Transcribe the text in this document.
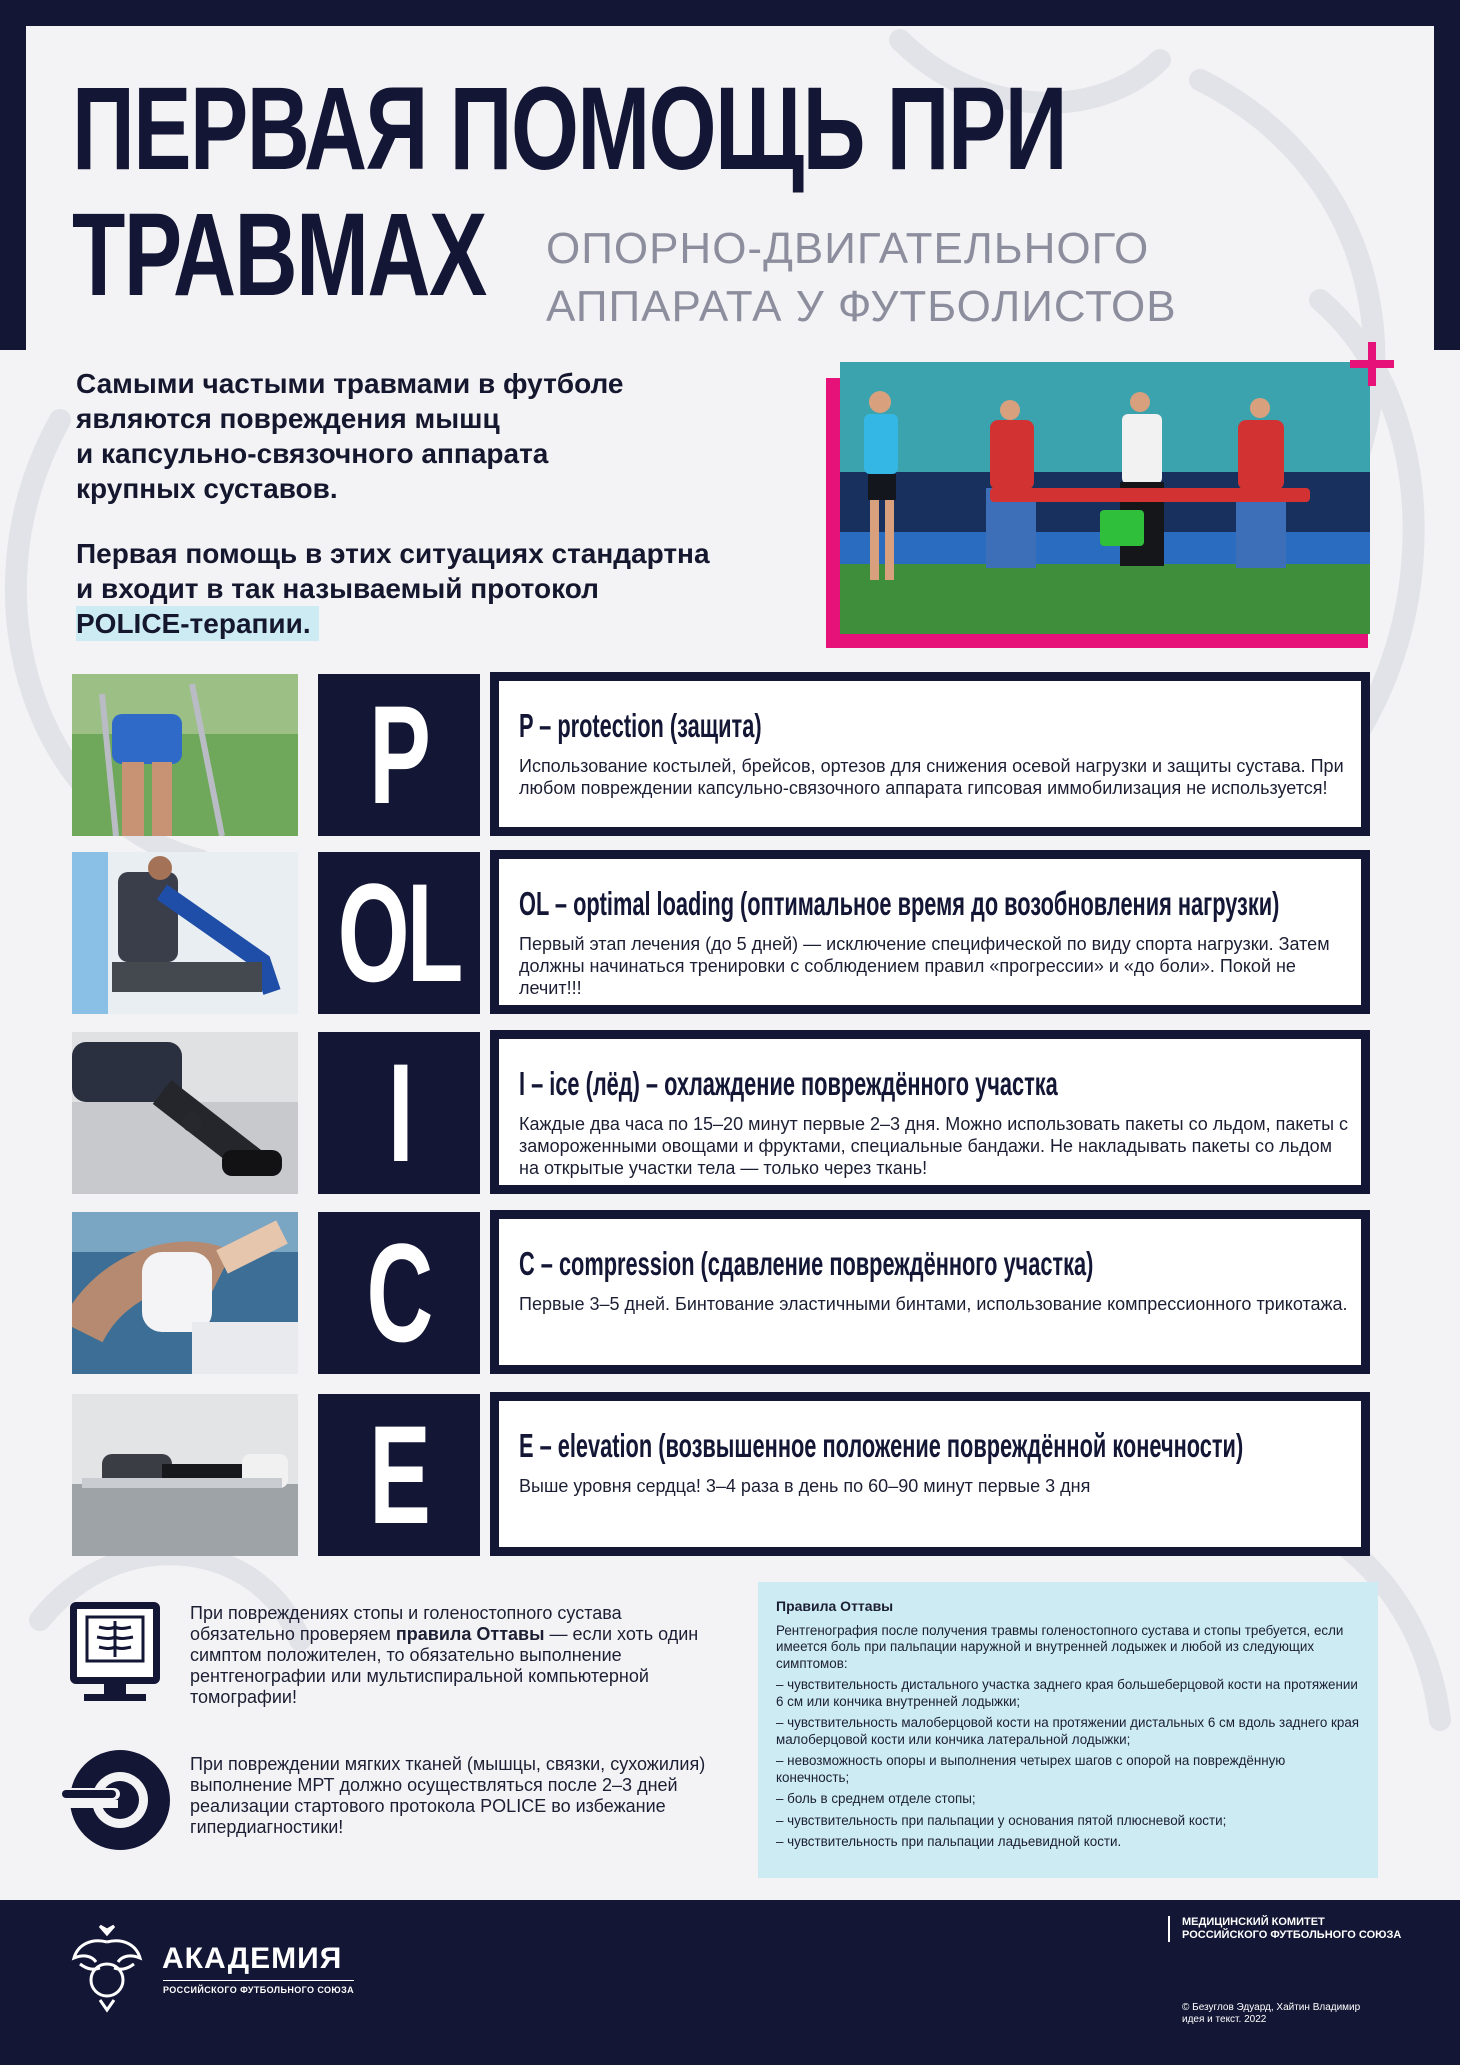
ПЕРВАЯ ПОМОЩЬ ПРИ
ТРАВМАХ	ОПОРНО-ДВИГАТЕЛЬНОГО
АППАРАТА У ФУТБОЛИСТОВ
Самыми частыми травмами в футболе
являются повреждения мышц
и капсульно-связочного аппарата
крупных суставов.
Первая помощь в этих ситуациях стандартна
и входит в так называемый протокол
POLICE-терапии.
P	P – protection (защита)
Использование костылей, брейсов, ортезов для снижения осевой нагрузки и защиты сустава. При любом повреждении капсульно-связочного аппарата гипсовая иммобилизация не используется!
OL OL – optimal loading (оптимальное время до возобновления нагрузки)
Первый этап лечения (до 5 дней) — исключение специфической по виду спорта нагрузки. Затем должны начинаться тренировки с соблюдением правил «прогрессии» и «до боли». Покой не лечит!!!
I	I – ice (лёд) – охлаждение повреждённого участка
Каждые два часа по 15–20 минут первые 2–3 дня. Можно использовать пакеты со льдом, пакеты с замороженными овощами и фруктами, специальные бандажи. Не накладывать пакеты со льдом на открытые участки тела — только через ткань!
C	C – compression (сдавление повреждённого участка)
Первые 3–5 дней. Бинтование эластичными бинтами, использование компрессионного трикотажа.
E	E – elevation (возвышенное положение повреждённой конечности)
Выше уровня сердца! 3–4 раза в день по 60–90 минут первые 3 дня
При повреждениях стопы и голеностопного сустава обязательно проверяем правила Оттавы — если хоть один симптом положителен, то обязательно выполнение рентгенографии или мультиспиральной компьютерной томографии!
При повреждении мягких тканей (мышцы, связки, сухожилия) выполнение МРТ должно осуществляться после 2–3 дней реализации стартового протокола POLICE во избежание гипердиагностики!
Правила Оттавы

Рентгенография после получения травмы голеностопного сустава и стопы требуется, если имеется боль при пальпации наружной и внутренней лодыжек и любой из следующих симптомов:

– чувствительность дистального участка заднего края большеберцовой кости на протяжении 6 см или кончика внутренней лодыжки;

– чувствительность малоберцовой кости на протяжении дистальных 6 см вдоль заднего края малоберцовой кости или кончика латеральной лодыжки;

– невозможность опоры и выполнения четырех шагов с опорой на повреждённую конечность;

– боль в среднем отделе стопы;

– чувствительность при пальпации у основания пятой плюсневой кости;

– чувствительность при пальпации ладьевидной кости.

АКАДЕМИЯ
РОССИЙСКОГО ФУТБОЛЬНОГО СОЮЗА
МЕДИЦИНСКИЙ КОМИТЕТ
РОССИЙСКОГО ФУТБОЛЬНОГО СОЮЗА
© Безуглов Эдуард, Хайтин Владимир
идея и текст. 2022
